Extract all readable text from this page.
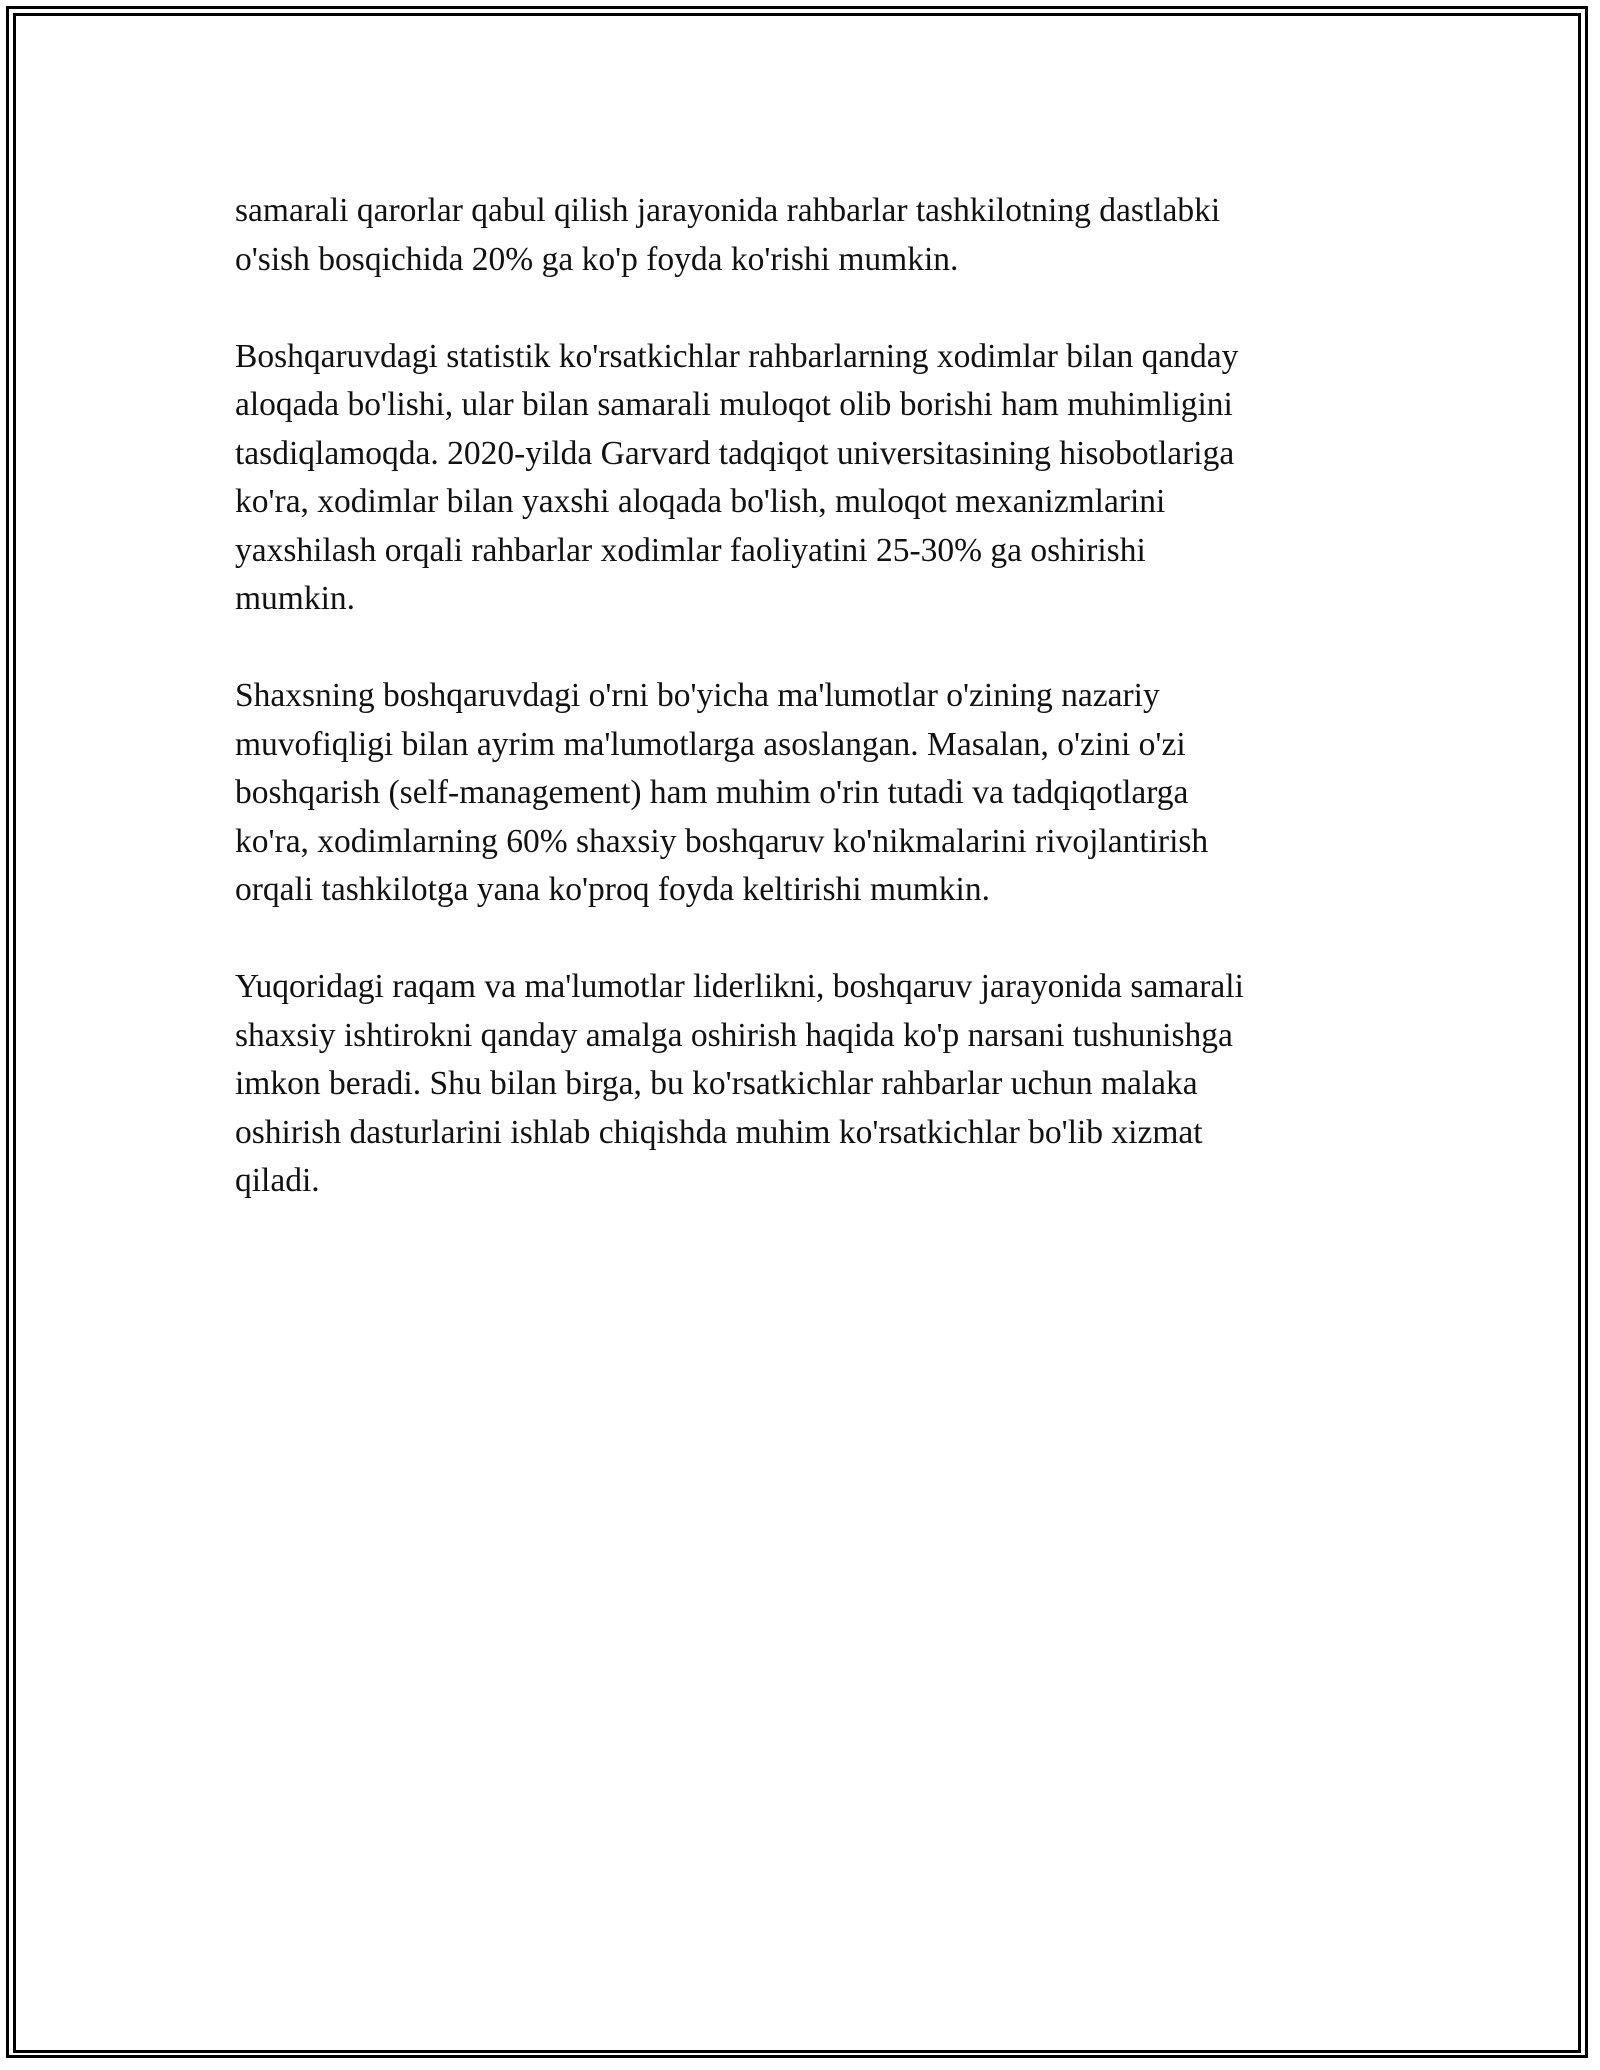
samarali qarorlar qabul qilish jarayonida rahbarlar tashkilotning dastlabki
o'sish bosqichida 20% ga ko'p foyda ko'rishi mumkin.

Boshqaruvdagi statistik ko'rsatkichlar rahbarlarning xodimlar bilan qanday
aloqada bo'lishi, ular bilan samarali muloqot olib borishi ham muhimligini
tasdiqlamoqda. 2020-yilda Garvard tadqiqot universitasining hisobotlariga
ko'ra, xodimlar bilan yaxshi aloqada bo'lish, muloqot mexanizmlarini
yaxshilash orqali rahbarlar xodimlar faoliyatini 25-30% ga oshirishi
mumkin.

Shaxsning boshqaruvdagi o'rni bo'yicha ma'lumotlar o'zining nazariy
muvofiqligi bilan ayrim ma'lumotlarga asoslangan. Masalan, o'zini o'zi
boshqarish (self-management) ham muhim o'rin tutadi va tadqiqotlarga
ko'ra, xodimlarning 60% shaxsiy boshqaruv ko'nikmalarini rivojlantirish
orqali tashkilotga yana ko'proq foyda keltirishi mumkin.

Yuqoridagi raqam va ma'lumotlar liderlikni, boshqaruv jarayonida samarali
shaxsiy ishtirokni qanday amalga oshirish haqida ko'p narsani tushunishga
imkon beradi. Shu bilan birga, bu ko'rsatkichlar rahbarlar uchun malaka
oshirish dasturlarini ishlab chiqishda muhim ko'rsatkichlar bo'lib xizmat
qiladi.
